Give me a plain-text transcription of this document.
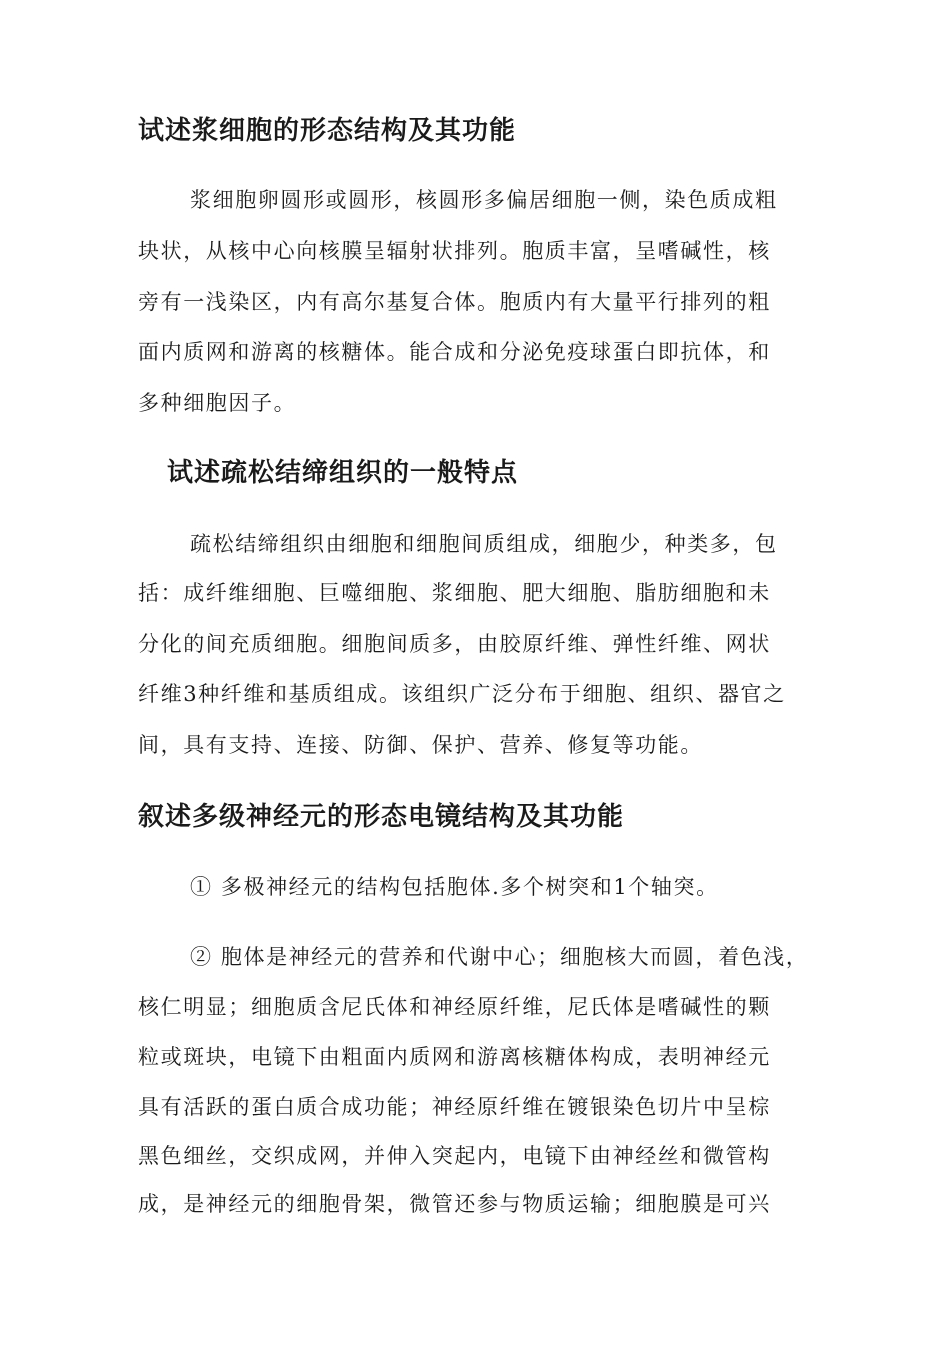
试述浆细胞的形态结构及其功能

浆细胞卵圆形或圆形，核圆形多偏居细胞一侧，染色质成粗

块状，从核中心向核膜呈辐射状排列。胞质丰富，呈嗜碱性，核

旁有一浅染区，内有高尔基复合体。胞质内有大量平行排列的粗

面内质网和游离的核糖体。能合成和分泌免疫球蛋白即抗体，和

多种细胞因子。

试述疏松结缔组织的一般特点

疏松结缔组织由细胞和细胞间质组成，细胞少，种类多，包

括：成纤维细胞、巨噬细胞、浆细胞、肥大细胞、脂肪细胞和未

分化的间充质细胞。细胞间质多，由胶原纤维、弹性纤维、网状

纤维3种纤维和基质组成。该组织广泛分布于细胞、组织、器官之

间，具有支持、连接、防御、保护、营养、修复等功能。

叙述多级神经元的形态电镜结构及其功能

① 多极神经元的结构包括胞体.多个树突和1个轴突。

② 胞体是神经元的营养和代谢中心；细胞核大而圆，着色浅，

核仁明显；细胞质含尼氏体和神经原纤维，尼氏体是嗜碱性的颗

粒或斑块，电镜下由粗面内质网和游离核糖体构成，表明神经元

具有活跃的蛋白质合成功能；神经原纤维在镀银染色切片中呈棕

黑色细丝，交织成网，并伸入突起内，电镜下由神经丝和微管构

成，是神经元的细胞骨架，微管还参与物质运输；细胞膜是可兴
